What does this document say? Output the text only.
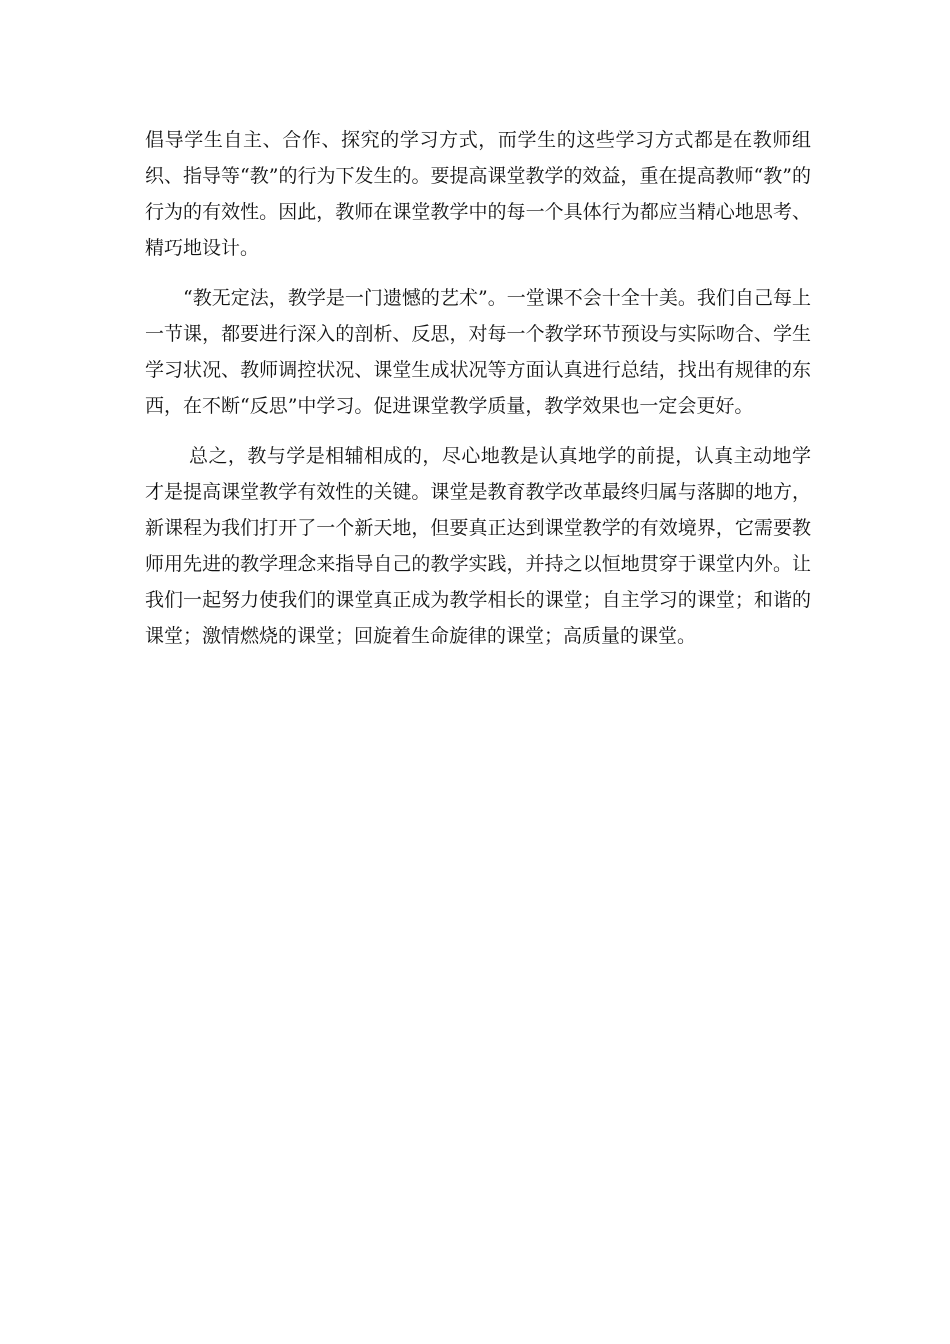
倡导学生自主、合作、探究的学习方式，而学生的这些学习方式都是在教师组织、指导等“教”的行为下发生的。要提高课堂教学的效益，重在提高教师“教”的行为的有效性。因此，教师在课堂教学中的每一个具体行为都应当精心地思考、精巧地设计。

“教无定法，教学是一门遗憾的艺术”。一堂课不会十全十美。我们自己每上一节课，都要进行深入的剖析、反思，对每一个教学环节预设与实际吻合、学生学习状况、教师调控状况、课堂生成状况等方面认真进行总结，找出有规律的东西，在不断“反思”中学习。促进课堂教学质量，教学效果也一定会更好。

总之，教与学是相辅相成的，尽心地教是认真地学的前提，认真主动地学才是提高课堂教学有效性的关键。课堂是教育教学改革最终归属与落脚的地方，新课程为我们打开了一个新天地，但要真正达到课堂教学的有效境界，它需要教师用先进的教学理念来指导自己的教学实践，并持之以恒地贯穿于课堂内外。让我们一起努力使我们的课堂真正成为教学相长的课堂；自主学习的课堂；和谐的课堂；激情燃烧的课堂；回旋着生命旋律的课堂；高质量的课堂。
